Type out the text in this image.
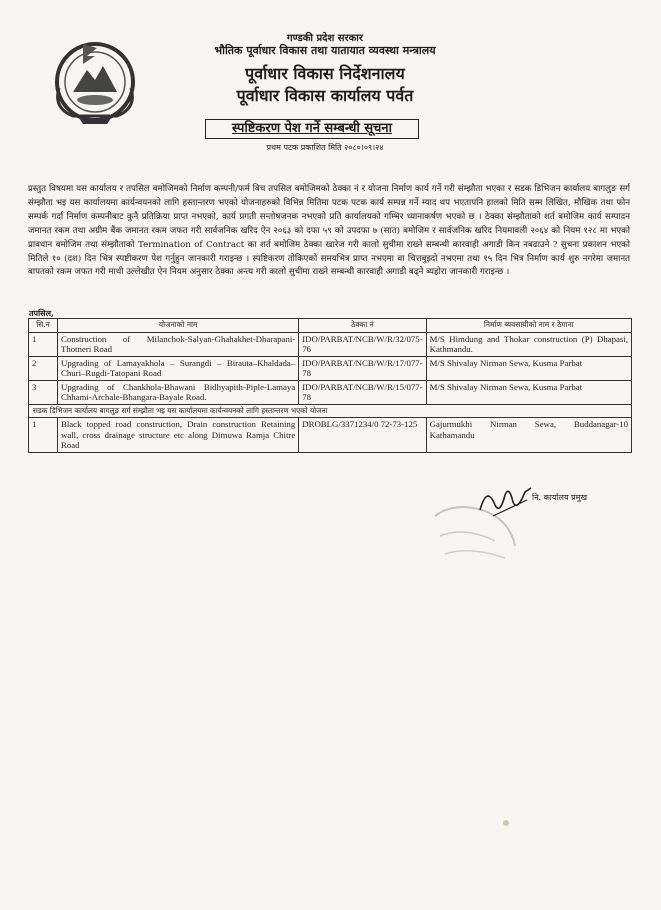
गण्डकी प्रदेश सरकार
भौतिक पूर्वाधार विकास तथा यातायात व्यवस्था मन्त्रालय
पूर्वाधार विकास निर्देशनालय
पूर्वाधार विकास कार्यालय पर्वत
स्पष्टिकरण पेश गर्ने सम्बन्धी सूचना
प्रथम पटक प्रकाशित मिति २०८०।०९।२४
प्रस्तुत विषयमा यस कार्यालय र तपसिल बमोजिमको निर्माण कम्पनी/फर्म बिच तपसिल बमोजिमको ठेक्का नं र योजना निर्माण कार्य गर्ने गरी संम्झौता भएका र सडक डिभिजन कार्यालय बागलुङ सर्ग संम्झौता भइ यस कार्यालयमा कार्यन्वयनको लागि हस्तान्तरण भएको योजनाहरुको विभिन्न मितिमा पटक पटक कार्य सम्पन्न गर्ने म्याद थप भएतापनि हालको मिति सम्म लिखित, मौखिक तथा फोन सम्पर्क गर्दा निर्माण कम्पनीबाट कुनै प्रतिक्रिया प्राप्त नभएको, कार्य प्रगती सन्तोषजनक नभएको प्रति कार्यालयको गम्भिर ध्यानाकर्षण भएको छ । ठेक्का संम्झौताको शर्त बमोजिम कार्य सम्पादन जमानत रकम तथा अग्रीम बैंक जमानत रकम जफत गरी सार्वजनिक खरिद ऐन २०६३ को दफा ५९ को उपदफा ७ (सात) बमोजिम र सार्वजनिक खरिद नियमावली २०६४ को नियम १२८ मा भएको प्रावधान बमोजिम तथा संम्झौताको Termination of Contract का शर्त बमोजिम ठेक्का खारेज गरी कालो सुचीमा राख्ने सम्बन्धी कारवाही अगाडी किन नबढाउने ? सुचना प्रकाशन भएको मितिले १० (दश) दिन भित्र स्पष्टीकरण पेश गर्नुहुन जानकारी गराइन्छ । स्पष्टिकरण तोकिएको समयभित्र प्राप्त नभएमा वा चित्तबुझ्दो नभएमा तथा १५ दिन भित्र निर्माण कार्य शुरु नगरेमा जमानत बापतको रकम जफत गरी माथी उल्लेखीत ऐन नियम अनुसार ठेक्का अन्त्य गरी कालो सुचीमा राख्ने सम्बन्धी कारवाही अगाडी बढ्ने ब्यहोरा जानकारी गराइन्छ ।
तपसिल,
सि.न	योजनाको नाम	ठेक्का नं	निर्माण ब्यवसायीको नाम र ठेगाना
1	Construction of Milanchok-Salyan-Ghahakhet-Dharapani-Thotneri Road	IDO/PARBAT/NCB/W/R/32/075-76	M/S Himdung and Thokar construction (P) Dhapasi, Kathmandu.
2	Upgrading of Lamayakhola – Surangdi – Birauta–Khaldada–Churi–Rugdi-Tatopani Road	IDO/PARBAT/NCB/W/R/17/077-78	M/S Shivalay Nirman Sewa, Kusma Parbat
3	Upgrading of Chankhola-Bhawani Bidhyapith-Piple-Lamaya Chhami-Archale-Bhangara-Bayale Road.	IDO/PARBAT/NCB/W/R/15/077-78	M/S Shivalay Nirman Sewa, Kusma Parbat
सडक डिभिजन कार्यालय बागलुङ सर्ग संम्झौता भइ यस कार्यालयमा कार्यन्वयनको लागि हस्तान्तरण भएको योजना			
1	Black topped road construction, Drain construction Retaining wall, cross drainage structure etc along Dimuwa Ramja Chitre Road	DROBLG/3371234/0 72-73-125	Gajurmukhi Nirman Sewa, Buddanagar-10 Kathamandu
नि. कार्यालय प्रमुख
